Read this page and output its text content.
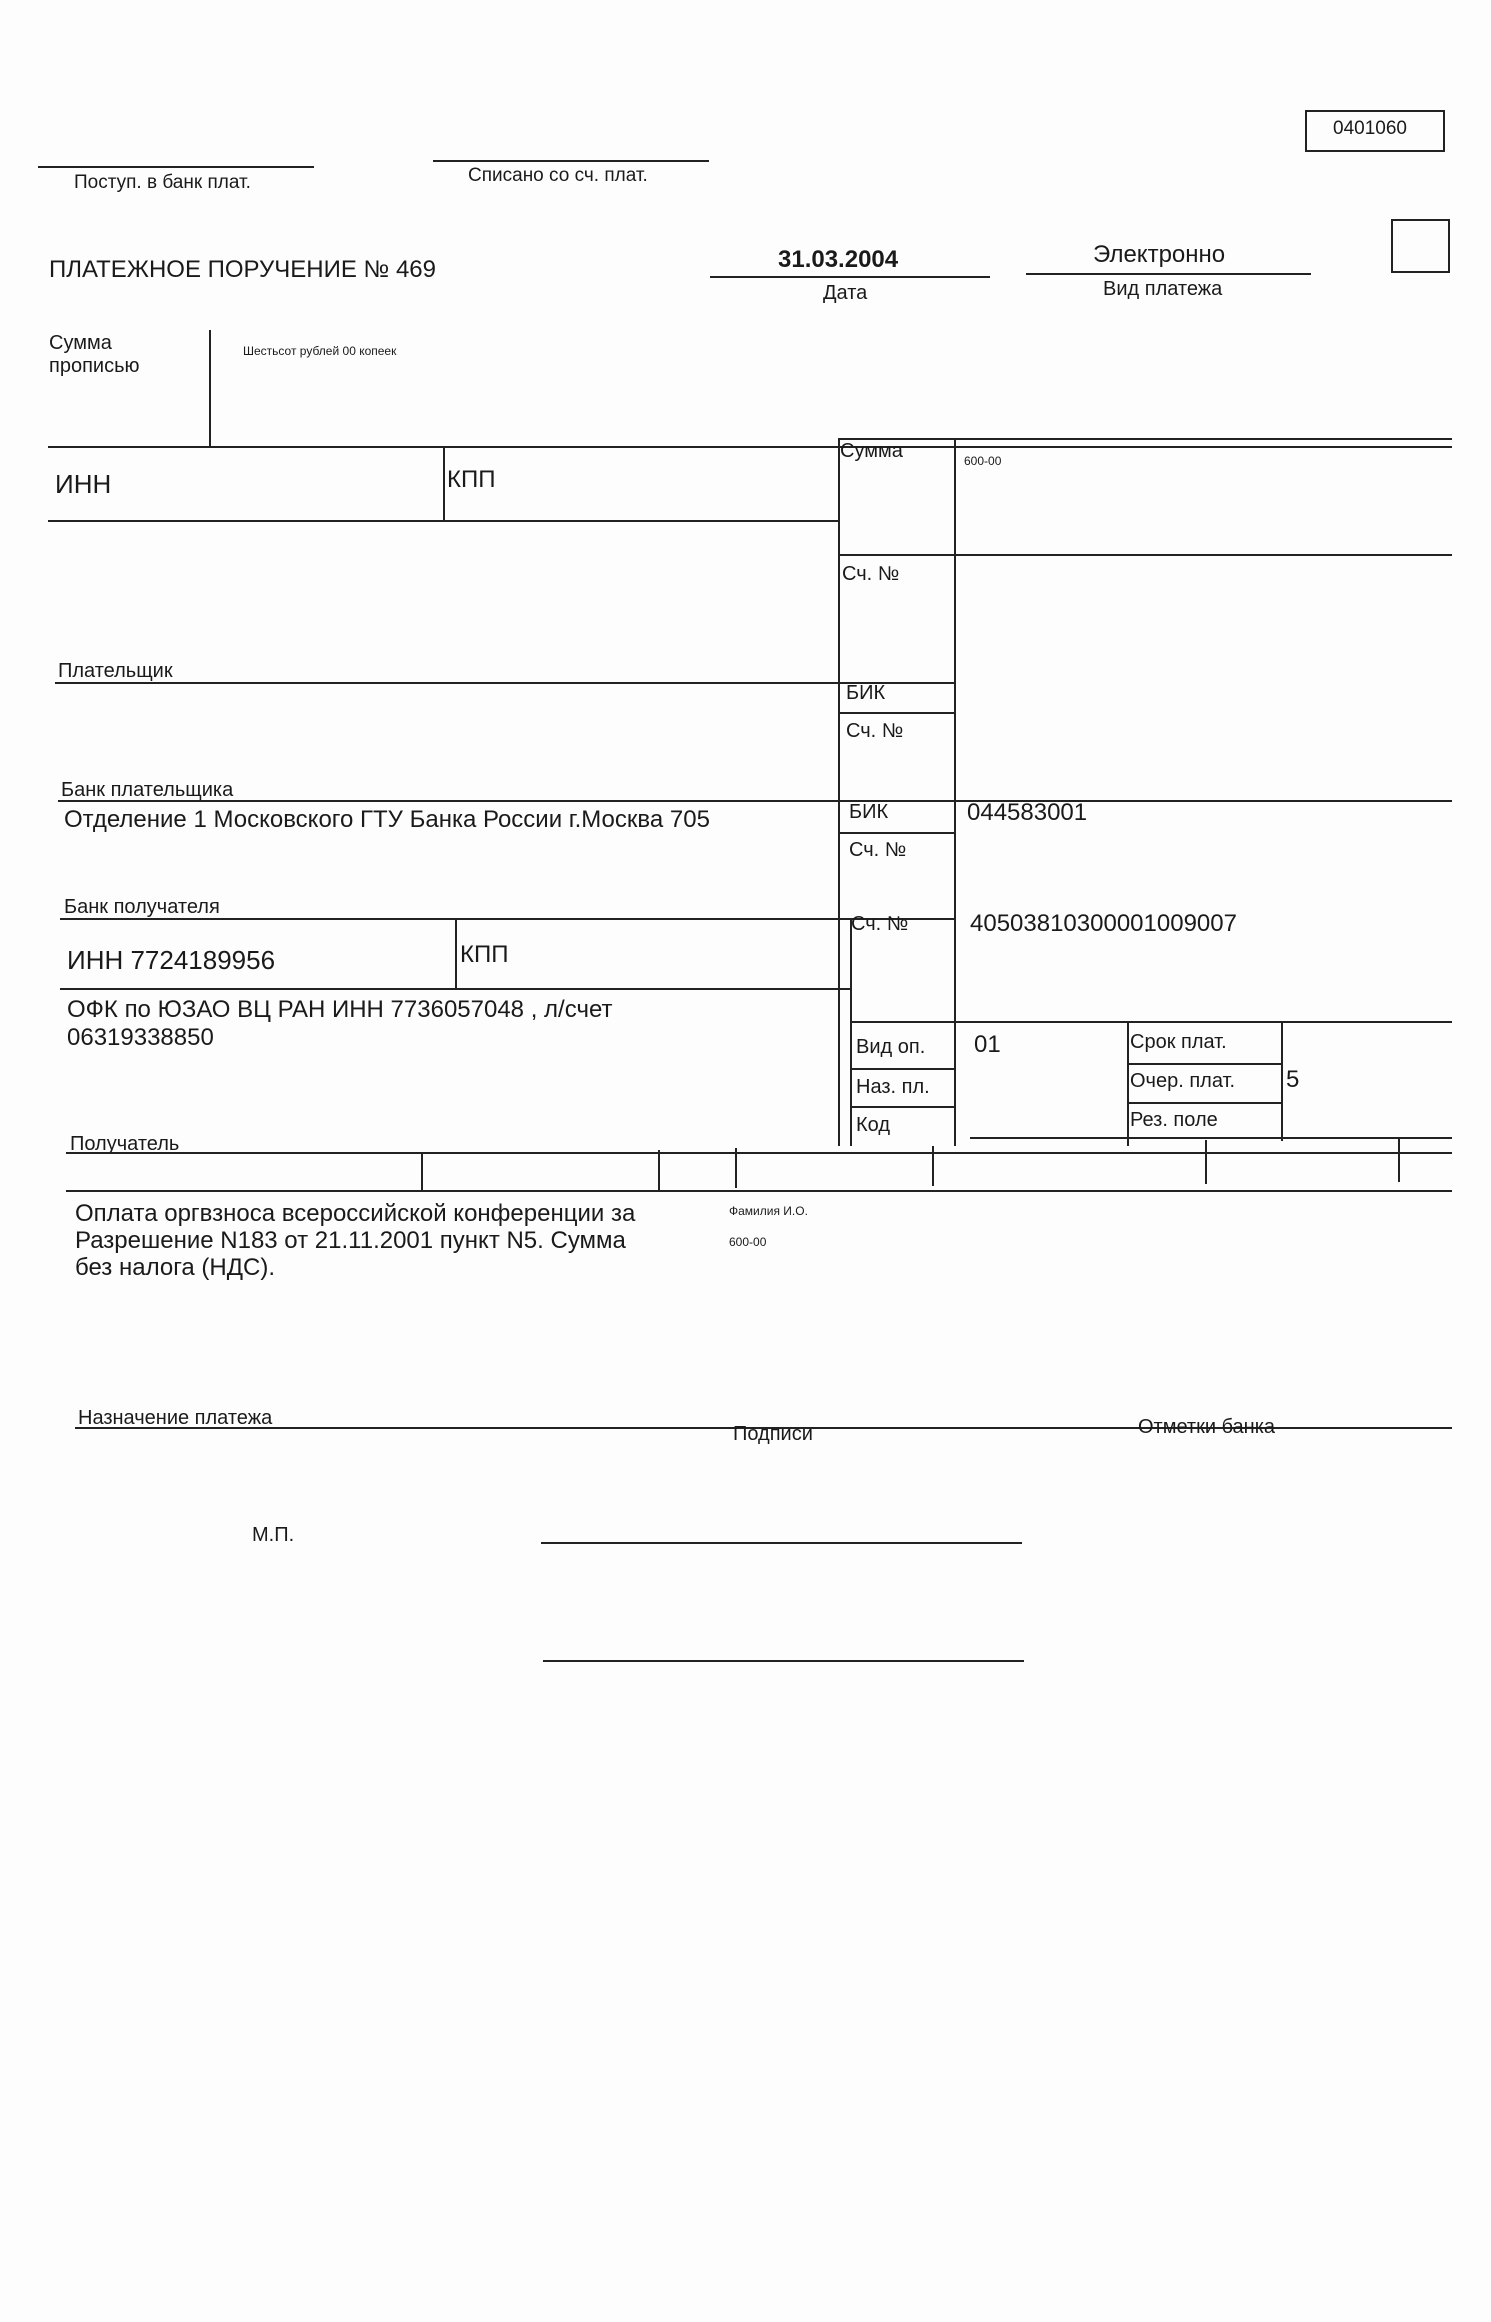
0401060
Поступ. в банк плат.	Списано со сч. плат.
ПЛАТЕЖНОЕ ПОРУЧЕНИЕ № 469	31.03.2004
Дата
Электронно
Вид платежа
Сумма
прописью
Шестьсот рублей 00 копеек
ИНН	КПП
Сумма	600-00
Сч. №
Плательщик
БИК
Сч. №
Банк плательщика
Отделение 1 Московского ГТУ Банка России г.Москва 705	БИК	044583001
Сч. №
Банк получателя
Сч. №	40503810300001009007
ИНН 7724189956	КПП
ОФК по ЮЗАО ВЦ РАН ИНН 7736057048 , л/счет
06319338850	Вид оп. 01
Наз. пл.
Код
Срок плат.
Очер. плат. 5
Рез. поле
Получатель
Оплата оргвзноса всероссийской конференции за
Разрешение N183 от 21.11.2001 пункт N5. Сумма
без налога (НДС).
Фамилия И.О.
600-00
Назначение платежа
Подписи	Отметки банка
М.П.
